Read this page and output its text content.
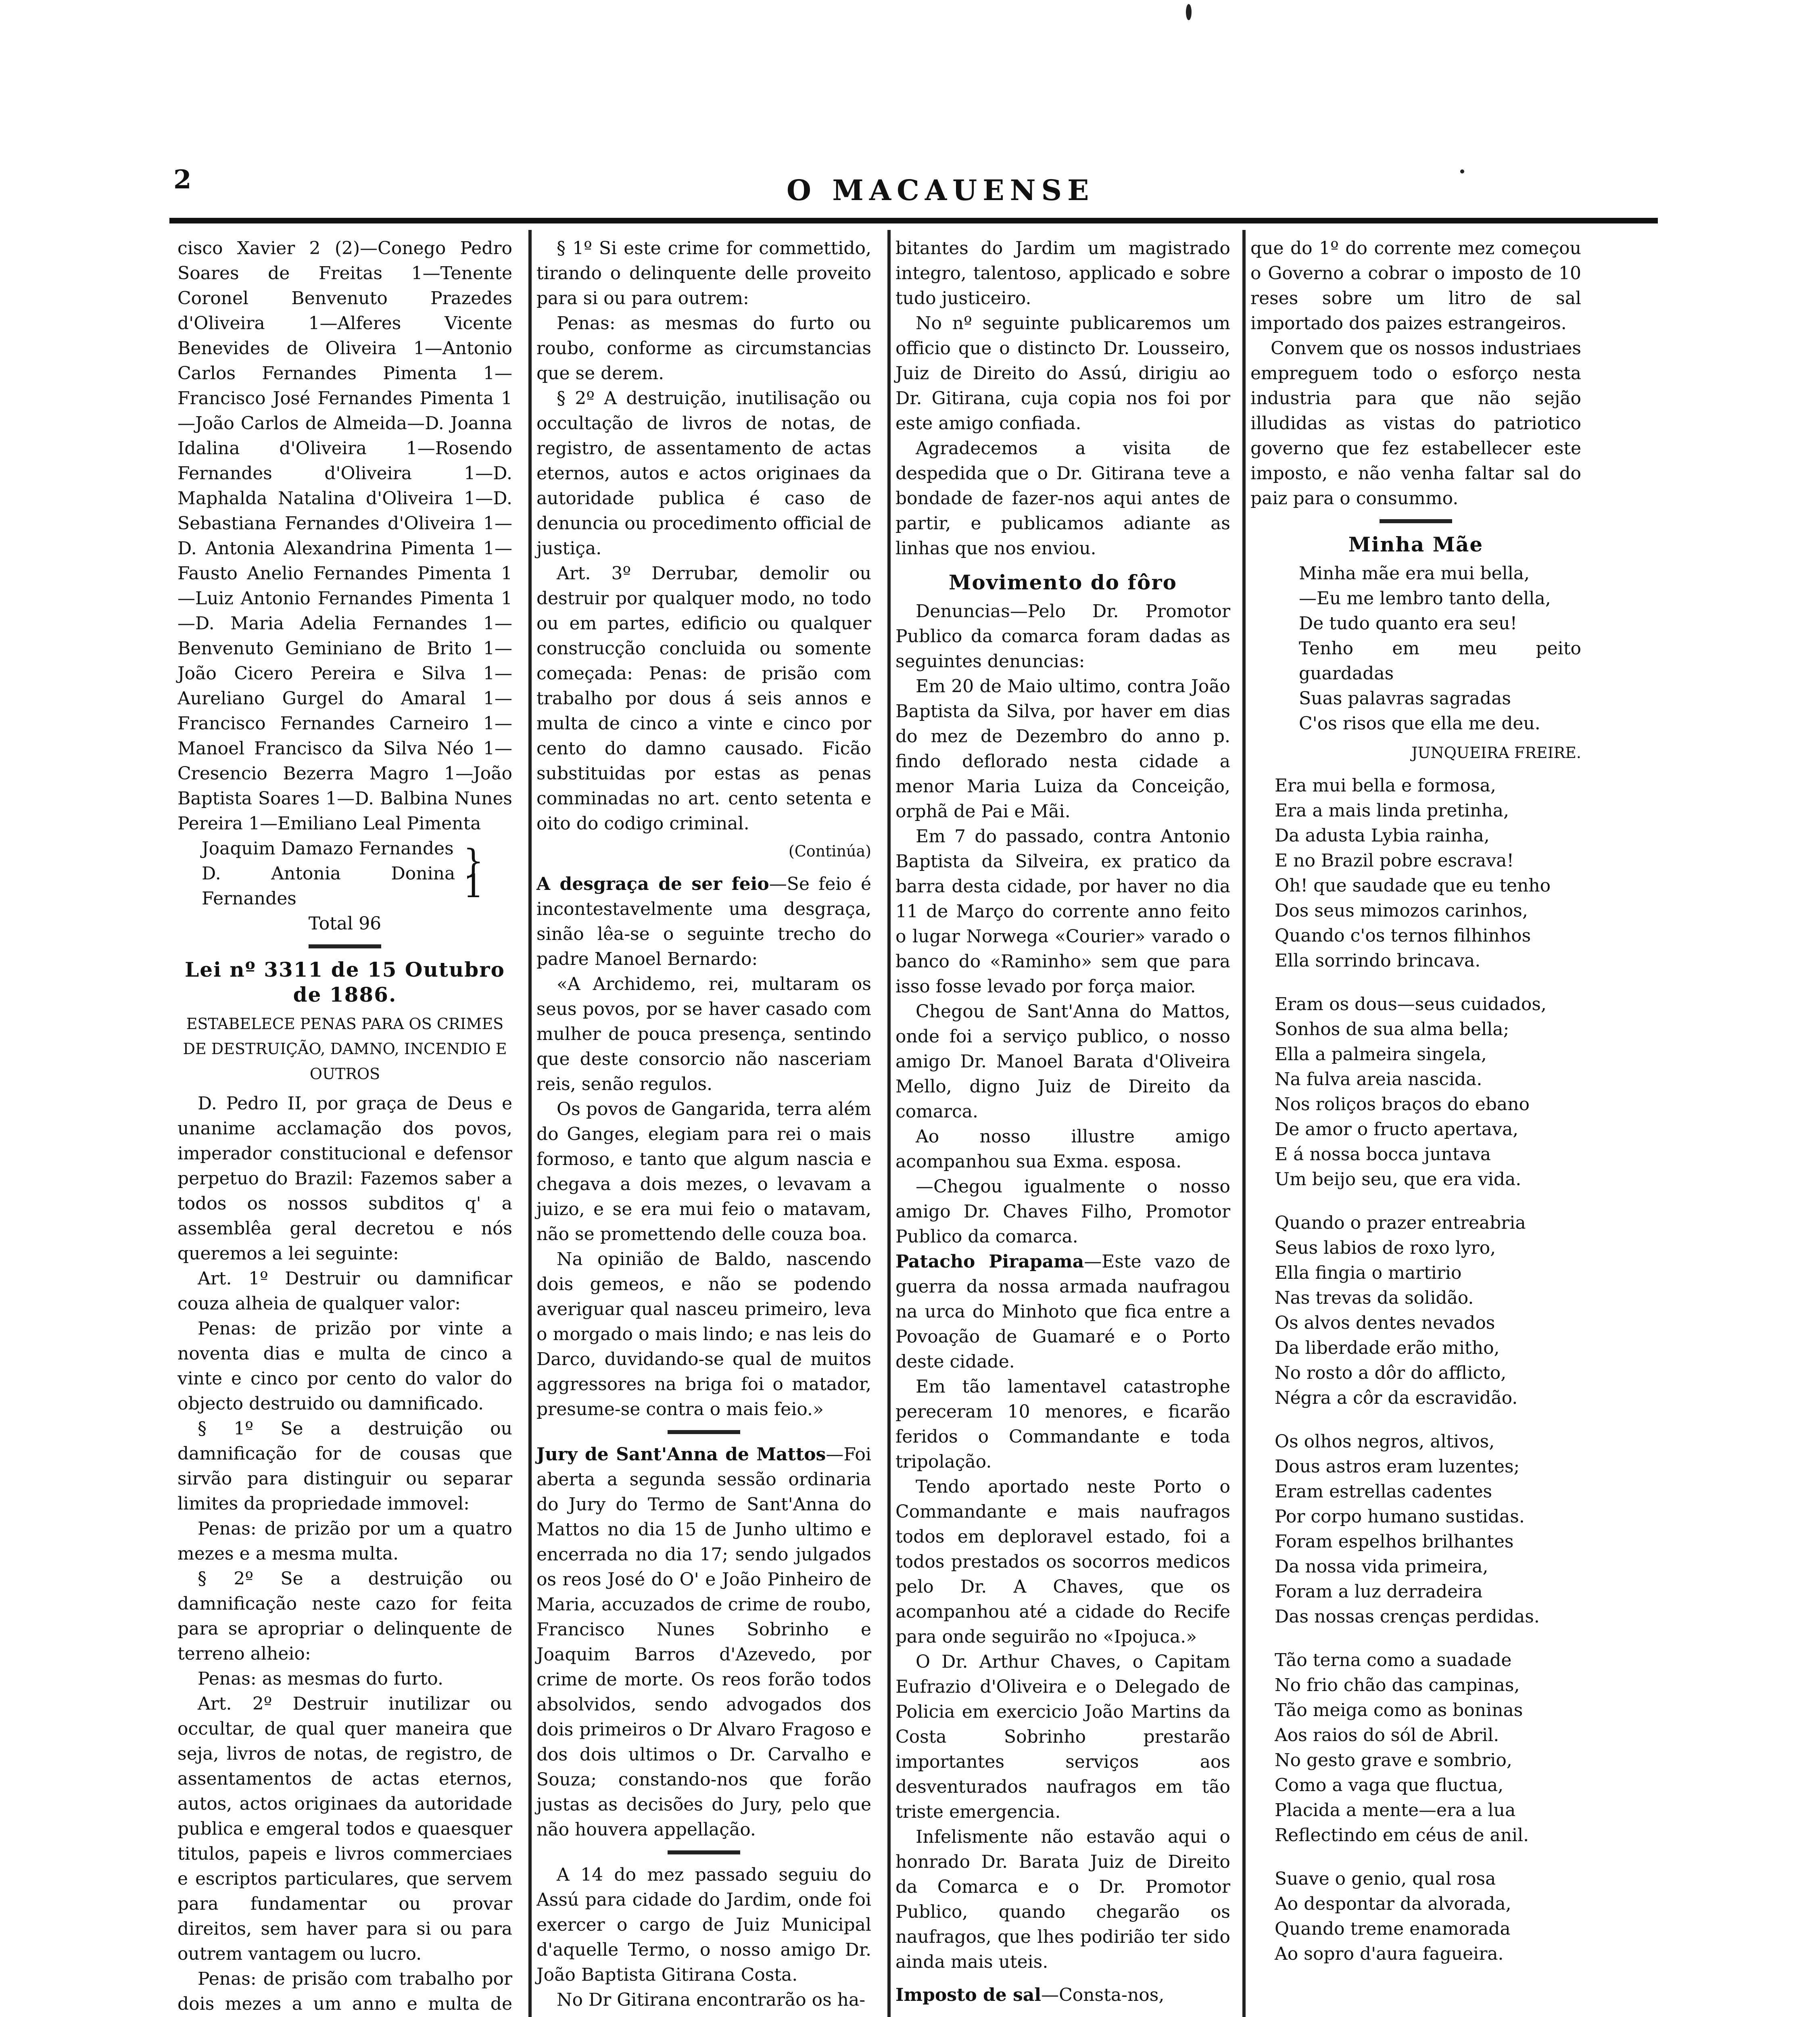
2	O MACAUENSE

cisco Xavier 2 (2)—Conego Pedro Soares de Freitas 1—Tenente Coronel Benvenuto Prazedes d'Oliveira 1—Alferes Vicente Benevides de Oliveira 1—Antonio Carlos Fernandes Pimenta 1—Francisco José Fernandes Pimenta 1—João Carlos de Almeida—D. Joanna Idalina d'Oliveira 1—Rosendo Fernandes d'Oliveira 1—D. Maphalda Natalina d'Oliveira 1—D. Sebastiana Fernandes d'Oliveira 1—D. Antonia Alexandrina Pimenta 1—Fausto Anelio Fernandes Pimenta 1—Luiz Antonio Fernandes Pimenta 1—D. Maria Adelia Fernandes 1—Benvenuto Geminiano de Brito 1—João Cicero Pereira e Silva 1—Aureliano Gurgel do Amaral 1—Francisco Fernandes Carneiro 1—Manoel Francisco da Silva Néo 1—Cresencio Bezerra Magro 1—João Baptista Soares 1—D. Balbina Nunes Pereira 1—Emiliano Leal Pimenta

Joaquim Damazo Fernandes
D. Antonia Donina Fernandes
} 1
Total 96
Lei nº 3311 de 15 Outubro de 1886.
ESTABELECE PENAS PARA OS CRIMES DE DESTRUIÇÃO, DAMNO, INCENDIO E OUTROS

D. Pedro II, por graça de Deus e unanime acclamação dos povos, imperador constitucional e defensor perpetuo do Brazil: Fazemos saber a todos os nossos subditos q' a assemblêa geral decretou e nós queremos a lei seguinte:

Art. 1º Destruir ou damnificar couza alheia de qualquer valor:

Penas: de prizão por vinte a noventa dias e multa de cinco a vinte e cinco por cento do valor do objecto destruido ou damnificado.

§ 1º Se a destruição ou damnificação for de cousas que sirvão para distinguir ou separar limites da propriedade immovel:

Penas: de prizão por um a quatro mezes e a mesma multa.

§ 2º Se a destruição ou damnificação neste cazo for feita para se apropriar o delinquente de terreno alheio:

Penas: as mesmas do furto.

Art. 2º Destruir inutilizar ou occultar, de qual quer maneira que seja, livros de notas, de registro, de assentamentos de actas eternos, autos, actos originaes da autoridade publica e emgeral todos e quaesquer titulos, papeis e livros commerciaes e escriptos particulares, que servem para fundamentar ou provar direitos, sem haver para si ou para outrem vantagem ou lucro.

Penas: de prisão com trabalho por dois mezes a um anno e multa de

§ 1º Si este crime for commettido, tirando o delinquente delle proveito para si ou para outrem:

Penas: as mesmas do furto ou roubo, conforme as circumstancias que se derem.

§ 2º A destruição, inutilisação ou occultação de livros de notas, de registro, de assentamento de actas eternos, autos e actos originaes da autoridade publica é caso de denuncia ou procedimento official de justiça.

Art. 3º Derrubar, demolir ou destruir por qualquer modo, no todo ou em partes, edificio ou qualquer construcção concluida ou somente começada: Penas: de prisão com trabalho por dous á seis annos e multa de cinco a vinte e cinco por cento do damno causado. Ficão substituidas por estas as penas comminadas no art. cento setenta e oito do codigo criminal.

(Continúa)

A desgraça de ser feio—Se feio é incontestavelmente uma desgraça, sinão lêa-se o seguinte trecho do padre Manoel Bernardo:

«A Archidemo, rei, multaram os seus povos, por se haver casado com mulher de pouca presença, sentindo que deste consorcio não nasceriam reis, senão regulos.

Os povos de Gangarida, terra além do Ganges, elegiam para rei o mais formoso, e tanto que algum nascia e chegava a dois mezes, o levavam a juizo, e se era mui feio o matavam, não se promettendo delle couza boa.

Na opinião de Baldo, nascendo dois gemeos, e não se podendo averiguar qual nasceu primeiro, leva o morgado o mais lindo; e nas leis do Darco, duvidando-se qual de muitos aggressores na briga foi o matador, presume-se contra o mais feio.»

Jury de Sant'Anna de Mattos—Foi aberta a segunda sessão ordinaria do Jury do Termo de Sant'Anna do Mattos no dia 15 de Junho ultimo e encerrada no dia 17; sendo julgados os reos José do O' e João Pinheiro de Maria, accuzados de crime de roubo, Francisco Nunes Sobrinho e Joaquim Barros d'Azevedo, por crime de morte. Os reos forão todos absolvidos, sendo advogados dos dois primeiros o Dr Alvaro Fragoso e dos dois ultimos o Dr. Carvalho e Souza; constando-nos que forão justas as decisões do Jury, pelo que não houvera appellação.

A 14 do mez passado seguiu do Assú para cidade do Jardim, onde foi exercer o cargo de Juiz Municipal d'aquelle Termo, o nosso amigo Dr. João Baptista Gitirana Costa.

No Dr Gitirana encontrarão os ha-

bitantes do Jardim um magistrado integro, talentoso, applicado e sobre tudo justiceiro.

No nº seguinte publicaremos um officio que o distincto Dr. Lousseiro, Juiz de Direito do Assú, dirigiu ao Dr. Gitirana, cuja copia nos foi por este amigo confiada.

Agradecemos a visita de despedida que o Dr. Gitirana teve a bondade de fazer-nos aqui antes de partir, e publicamos adiante as linhas que nos enviou.

Movimento do fôro

Denuncias—Pelo Dr. Promotor Publico da comarca foram dadas as seguintes denuncias:

Em 20 de Maio ultimo, contra João Baptista da Silva, por haver em dias do mez de Dezembro do anno p. findo deflorado nesta cidade a menor Maria Luiza da Conceição, orphã de Pai e Mãi.

Em 7 do passado, contra Antonio Baptista da Silveira, ex pratico da barra desta cidade, por haver no dia 11 de Março do corrente anno feito o lugar Norwega «Courier» varado o banco do «Raminho» sem que para isso fosse levado por força maior.

Chegou de Sant'Anna do Mattos, onde foi a serviço publico, o nosso amigo Dr. Manoel Barata d'Oliveira Mello, digno Juiz de Direito da comarca.

Ao nosso illustre amigo acompanhou sua Exma. esposa.

—Chegou igualmente o nosso amigo Dr. Chaves Filho, Promotor Publico da comarca.

Patacho Pirapama—Este vazo de guerra da nossa armada naufragou na urca do Minhoto que fica entre a Povoação de Guamaré e o Porto deste cidade.

Em tão lamentavel catastrophe pereceram 10 menores, e ficarão feridos o Commandante e toda tripolação.

Tendo aportado neste Porto o Commandante e mais naufragos todos em deploravel estado, foi a todos prestados os socorros medicos pelo Dr. A Chaves, que os acompanhou até a cidade do Recife para onde seguirão no «Ipojuca.»

O Dr. Arthur Chaves, o Capitam Eufrazio d'Oliveira e o Delegado de Policia em exercicio João Martins da Costa Sobrinho prestarão importantes serviços aos desventurados naufragos em tão triste emergencia.

Infelismente não estavão aqui o honrado Dr. Barata Juiz de Direito da Comarca e o Dr. Promotor Publico, quando chegarão os naufragos, que lhes podirião ter sido ainda mais uteis.

Imposto de sal—Consta-nos,

que do 1º do corrente mez começou o Governo a cobrar o imposto de 10 reses sobre um litro de sal importado dos paizes estrangeiros.

Convem que os nossos industriaes empreguem todo o esforço nesta industria para que não sejão illudidas as vistas do patriotico governo que fez estabellecer este imposto, e não venha faltar sal do paiz para o consummo.

Minha Mãe

Minha mãe era mui bella,

—Eu me lembro tanto della,

De tudo quanto era seu!

Tenho em meu peito guardadas

Suas palavras sagradas

C'os risos que ella me deu.

JUNQUEIRA FREIRE.

Era mui bella e formosa,

Era a mais linda pretinha,

Da adusta Lybia rainha,

E no Brazil pobre escrava!

Oh! que saudade que eu tenho

Dos seus mimozos carinhos,

Quando c'os ternos filhinhos

Ella sorrindo brincava.

Eram os dous—seus cuidados,

Sonhos de sua alma bella;

Ella a palmeira singela,

Na fulva areia nascida.

Nos roliços braços do ebano

De amor o fructo apertava,

E á nossa bocca juntava

Um beijo seu, que era vida.

Quando o prazer entreabria

Seus labios de roxo lyro,

Ella fingia o martirio

Nas trevas da solidão.

Os alvos dentes nevados

Da liberdade erão mitho,

No rosto a dôr do afflicto,

Négra a côr da escravidão.

Os olhos negros, altivos,

Dous astros eram luzentes;

Eram estrellas cadentes

Por corpo humano sustidas.

Foram espelhos brilhantes

Da nossa vida primeira,

Foram a luz derradeira

Das nossas crenças perdidas.

Tão terna como a suadade

No frio chão das campinas,

Tão meiga como as boninas

Aos raios do sól de Abril.

No gesto grave e sombrio,

Como a vaga que fluctua,

Placida a mente—era a lua

Reflectindo em céus de anil.

Suave o genio, qual rosa

Ao despontar da alvorada,

Quando treme enamorada

Ao sopro d'aura fagueira.
